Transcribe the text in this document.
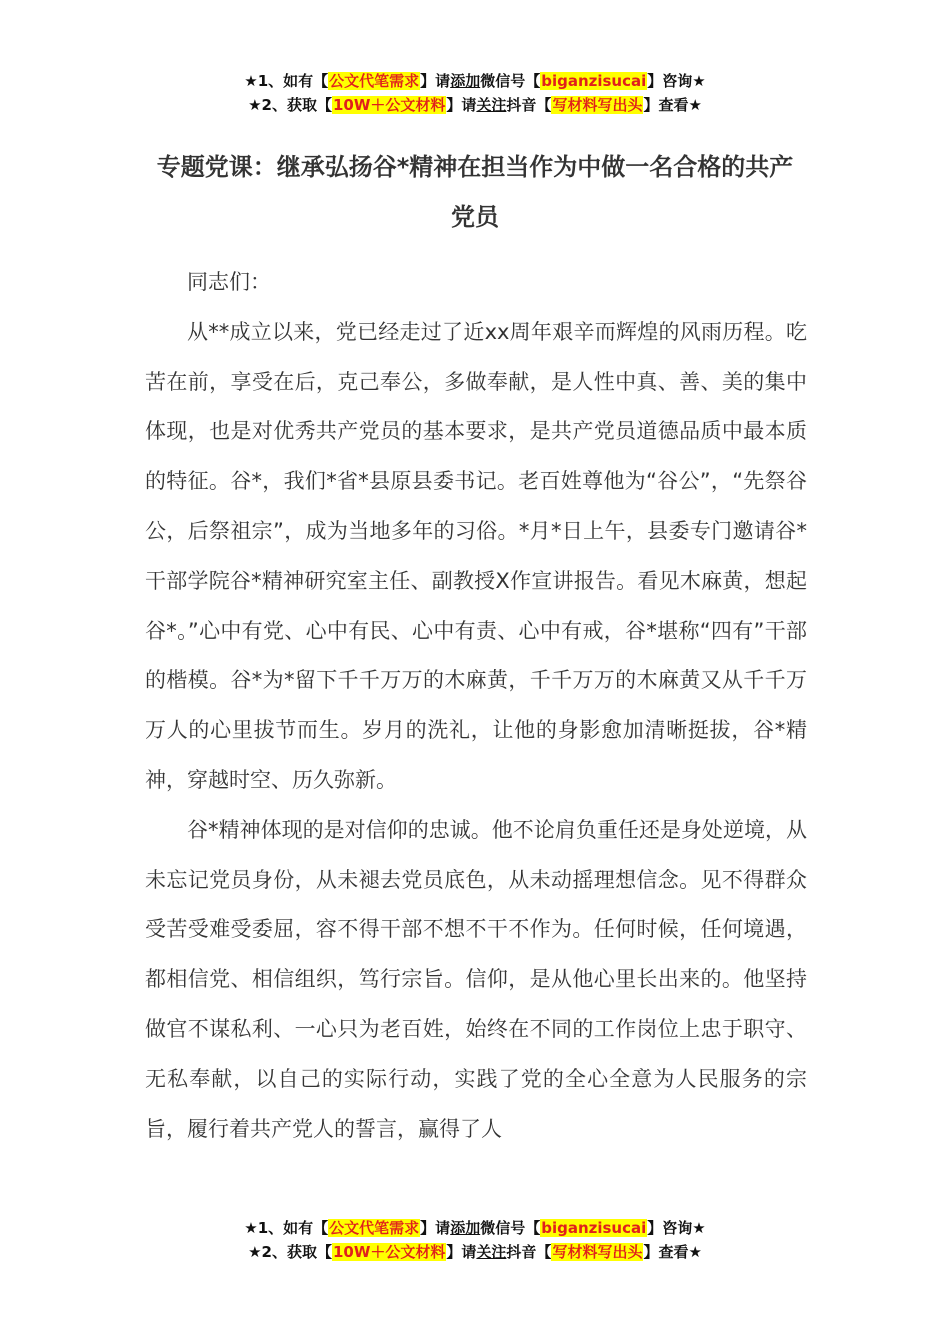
★1、如有【公文代笔需求】请添加微信号【biganzisucai】咨询★
★2、获取【10W＋公文材料】请关注抖音【写材料写出头】查看★
专题党课：继承弘扬谷*精神在担当作为中做一名合格的共产党员

同志们：

从**成立以来，党已经走过了近xx周年艰辛而辉煌的风雨历程。吃苦在前，享受在后，克己奉公，多做奉献，是人性中真、善、美的集中体现，也是对优秀共产党员的基本要求，是共产党员道德品质中最本质的特征。谷*，我们*省*县原县委书记。老百姓尊他为“谷公”，“先祭谷公，后祭祖宗”，成为当地多年的习俗。*月*日上午，县委专门邀请谷*干部学院谷*精神研究室主任、副教授X作宣讲报告。看见木麻黄，想起谷*。”心中有党、心中有民、心中有责、心中有戒，谷*堪称“四有”干部的楷模。谷*为*留下千千万万的木麻黄，千千万万的木麻黄又从千千万万人的心里拔节而生。岁月的洗礼，让他的身影愈加清晰挺拔，谷*精神，穿越时空、历久弥新。

谷*精神体现的是对信仰的忠诚。他不论肩负重任还是身处逆境，从未忘记党员身份，从未褪去党员底色，从未动摇理想信念。见不得群众受苦受难受委屈，容不得干部不想不干不作为。任何时候，任何境遇，都相信党、相信组织，笃行宗旨。信仰，是从他心里长出来的。他坚持做官不谋私利、一心只为老百姓，始终在不同的工作岗位上忠于职守、无私奉献，以自己的实际行动，实践了党的全心全意为人民服务的宗旨，履行着共产党人的誓言，赢得了人

★1、如有【公文代笔需求】请添加微信号【biganzisucai】咨询★
★2、获取【10W＋公文材料】请关注抖音【写材料写出头】查看★
